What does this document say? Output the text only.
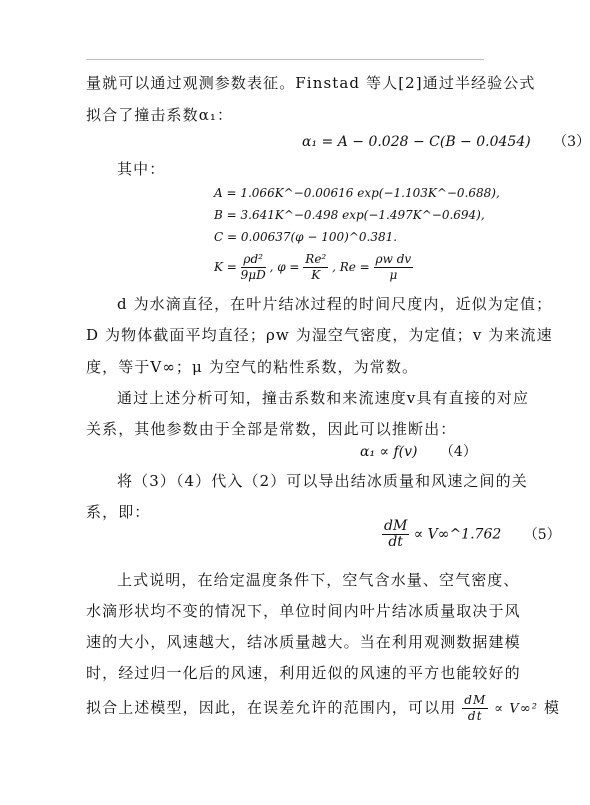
量就可以通过观测参数表征。Finstad 等人[2]通过半经验公式
拟合了撞击系数α₁：
α₁ = A − 0.028 − C(B − 0.0454) （3）
其中：
A = 1.066K^−0.00616 exp(−1.103K^−0.688),
B = 3.641K^−0.498 exp(−1.497K^−0.694),
C = 0.00637(φ − 100)^0.381.
$K = \frac{\text{ρd²}}{9\mu D}$ , $\varphi = \frac{\text{Re²}}{K}$ , $Re = \frac{\text{ρw dv}}{\mu}$
d 为水滴直径，在叶片结冰过程的时间尺度内，近似为定值；
D 为物体截面平均直径；ρw 为湿空气密度，为定值；v 为来流速
度，等于V∞；μ 为空气的粘性系数，为常数。
通过上述分析可知，撞击系数和来流速度v具有直接的对应
关系，其他参数由于全部是常数，因此可以推断出：
α₁ ∝ f(v) （4）
将（3）（4）代入（2）可以导出结冰质量和风速之间的关
系，即：
$\frac{dM}{dt}$ ∝ V∞^1.762 （5）
上式说明，在给定温度条件下，空气含水量、空气密度、
水滴形状均不变的情况下，单位时间内叶片结冰质量取决于风
速的大小，风速越大，结冰质量越大。当在利用观测数据建模
时，经过归一化后的风速，利用近似的风速的平方也能较好的
拟合上述模型，因此，在误差允许的范围内，可以用 $\frac{dM}{dt} \propto V\infty^2$ 模
